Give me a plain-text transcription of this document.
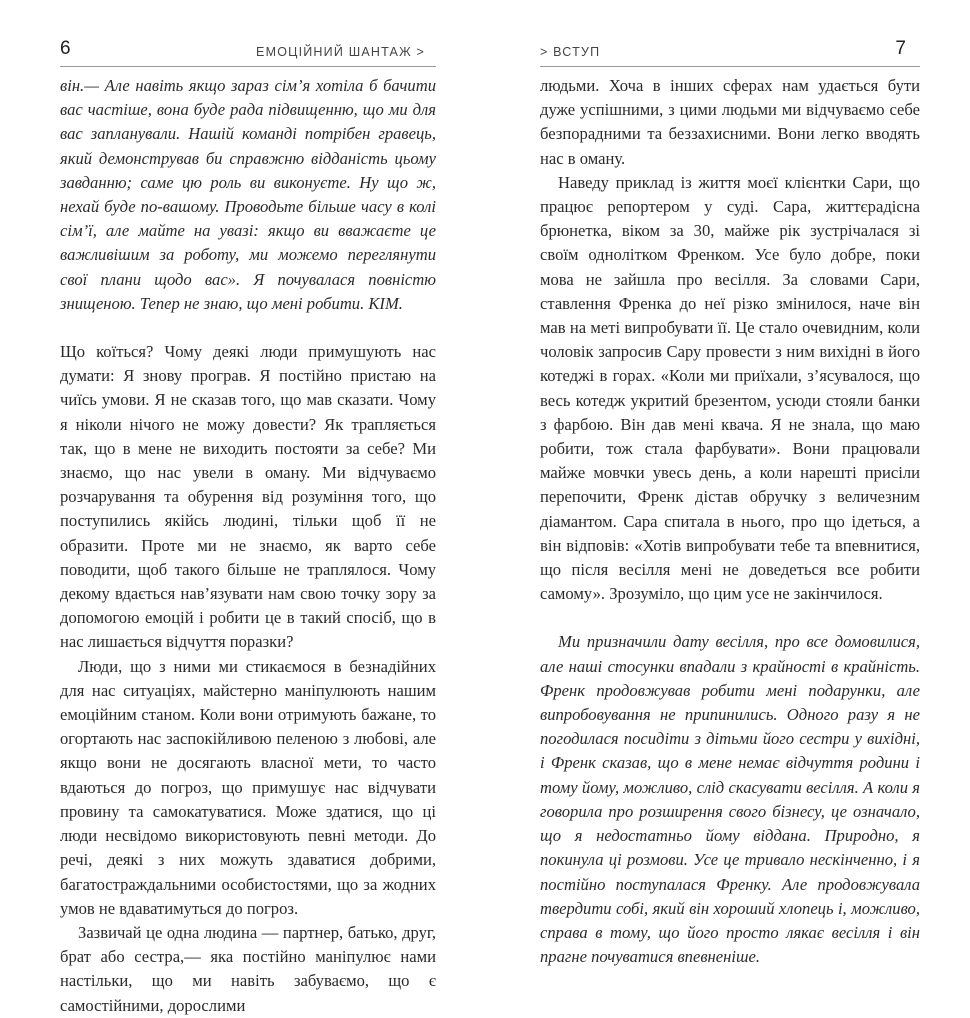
6	ЕМОЦІЙНИЙ ШАНТАЖ >

він.— Але навіть якщо зараз сім’я хотіла б бачити вас частіше, вона буде рада підвищенню, що ми для вас запланували. Нашій команді потрібен гравець, який демонстрував би справжню відданість цьому завданню; саме цю роль ви виконуєте. Ну що ж, нехай буде по-вашому. Проводьте більше часу в колі сім’ї, але майте на увазі: якщо ви вважаєте це важливішим за роботу, ми можемо переглянути свої плани щодо вас». Я почувалася повністю знищеною. Тепер не знаю, що мені робити. КІМ.

Що коїться? Чому деякі люди примушують нас думати: Я знову програв. Я постійно пристаю на чиїсь умови. Я не сказав того, що мав сказати. Чому я ніколи нічого не можу довести? Як трапляється так, що в мене не виходить постояти за себе? Ми знаємо, що нас увели в оману. Ми відчуваємо розчарування та обурення від розуміння того, що поступились якійсь людині, тільки щоб її не образити. Проте ми не знаємо, як варто себе поводити, щоб такого більше не траплялося. Чому декому вдається нав’язувати нам свою точку зору за допомогою емоцій і робити це в такий спосіб, що в нас лишається відчуття поразки?

Люди, що з ними ми стикаємося в безнадійних для нас ситуаціях, майстерно маніпулюють нашим емоційним станом. Коли вони отримують бажане, то огортають нас заспокійливою пеленою з любові, але якщо вони не досягають власної мети, то часто вдаються до погроз, що примушує нас відчувати провину та самокатуватися. Може здатися, що ці люди несвідомо використовують певні методи. До речі, деякі з них можуть здаватися добрими, багатостраждальними особистостями, що за жодних умов не вдаватимуться до погроз.

Зазвичай це одна людина — партнер, батько, друг, брат або сестра,— яка постійно маніпулює нами настільки, що ми навіть забуваємо, що є самостійними, дорослими

> ВСТУП	7

людьми. Хоча в інших сферах нам удається бути дуже успішними, з цими людьми ми відчуваємо себе безпорадними та беззахисними. Вони легко вводять нас в оману.

Наведу приклад із життя моєї клієнтки Сари, що працює репортером у суді. Сара, життєрадісна брюнетка, віком за 30, майже рік зустрічалася зі своїм однолітком Френком. Усе було добре, поки мова не зайшла про весілля. За словами Сари, ставлення Френка до неї різко змінилося, наче він мав на меті випробувати її. Це стало очевидним, коли чоловік запросив Сару провести з ним вихідні в його котеджі в горах. «Коли ми приїхали, з’ясувалося, що весь котедж укритий брезентом, усюди стояли банки з фарбою. Він дав мені квача. Я не знала, що маю робити, тож стала фарбувати». Вони працювали майже мовчки увесь день, а коли нарешті присіли перепочити, Френк дістав обручку з величезним діамантом. Сара спитала в нього, про що ідеться, а він відповів: «Хотів випробувати тебе та впевнитися, що після весілля мені не доведеться все робити самому». Зрозуміло, що цим усе не закінчилося.

Ми призначили дату весілля, про все домовилися, але наші стосунки впадали з крайності в крайність. Френк продовжував робити мені подарунки, але випробовування не припинились. Одного разу я не погодилася посидіти з дітьми його сестри у вихідні, і Френк сказав, що в мене немає відчуття родини і тому йому, можливо, слід скасувати весілля. А коли я говорила про розширення свого бізнесу, це означало, що я недостатньо йому віддана. Природно, я покинула ці розмови. Усе це тривало нескінченно, і я постійно поступалася Френку. Але продовжувала твердити собі, який він хороший хлопець і, можливо, справа в тому, що його просто лякає весілля і він прагне почуватися впевненіше.
